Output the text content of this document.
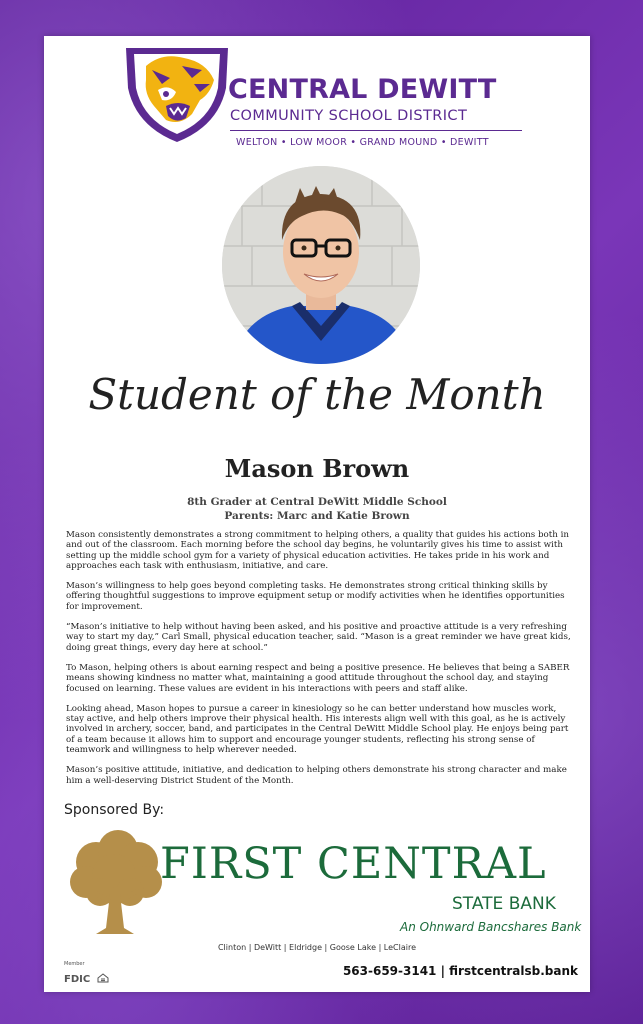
CENTRAL DEWITT
COMMUNITY SCHOOL DISTRICT
WELTON • LOW MOOR • GRAND MOUND • DEWITT
Student of the Month
Mason Brown
8th Grader at Central DeWitt Middle School
Parents: Marc and Katie Brown

Mason consistently demonstrates a strong commitment to helping others, a quality that guides his actions both in and out of the classroom. Each morning before the school day begins, he voluntarily gives his time to assist with setting up the middle school gym for a variety of physical education activities. He takes pride in his work and approaches each task with enthusiasm, initiative, and care.

Mason’s willingness to help goes beyond completing tasks. He demonstrates strong critical thinking skills by offering thoughtful suggestions to improve equipment setup or modify activities when he identifies opportunities for improvement.

“Mason’s initiative to help without having been asked, and his positive and proactive attitude is a very refreshing way to start my day,” Carl Small, physical education teacher, said. “Mason is a great reminder we have great kids, doing great things, every day here at school.”

To Mason, helping others is about earning respect and being a positive presence. He believes that being a SABER means showing kindness no matter what, maintaining a good attitude throughout the school day, and staying focused on learning. These values are evident in his interactions with peers and staff alike.

Looking ahead, Mason hopes to pursue a career in kinesiology so he can better understand how muscles work, stay active, and help others improve their physical health. His interests align well with this goal, as he is actively involved in archery, soccer, band, and participates in the Central DeWitt Middle School play. He enjoys being part of a team because it allows him to support and encourage younger students, reflecting his strong sense of teamwork and willingness to help wherever needed.

Mason’s positive attitude, initiative, and dedication to helping others demonstrate his strong character and make him a well-deserving District Student of the Month.

Sponsored By:
FIRST CENTRAL
STATE BANK
An Ohnward Bancshares Bank
Clinton | DeWitt | Eldridge | Goose Lake | LeClaire
Member
FDIC
563-659-3141 | firstcentralsb.bank
